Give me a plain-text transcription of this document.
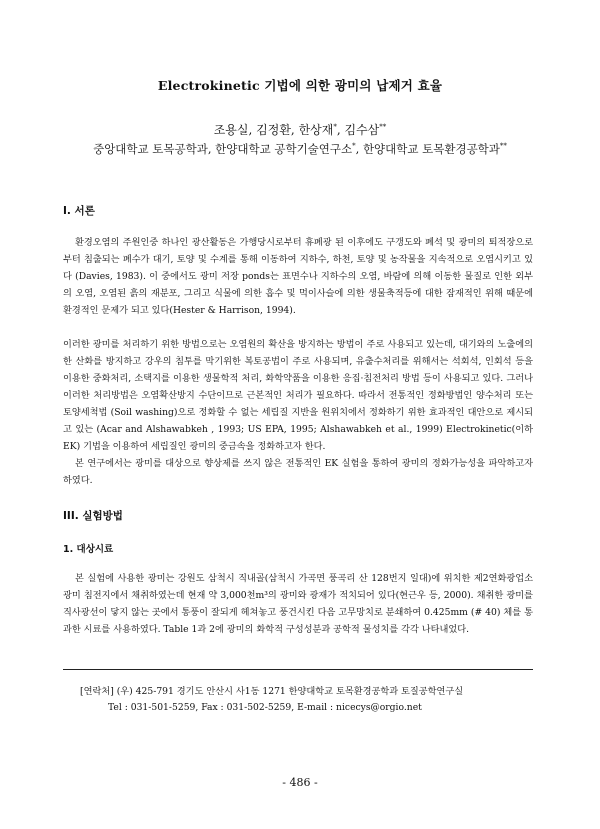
Electrokinetic 기법에 의한 광미의 납제거 효율
조용실, 김정환, 한상재*, 김수삼**
중앙대학교 토목공학과, 한양대학교 공학기술연구소*, 한양대학교 토목환경공학과**
I. 서론

환경오염의 주원인중 하나인 광산활동은 가행당시로부터 휴폐광 된 이후에도 구갱도와 폐석 및 광미의 퇴적장으로부터 침출되는 폐수가 대기, 토양 및 수계를 통해 이동하여 지하수, 하천, 토양 및 농작물을 지속적으로 오염시키고 있다 (Davies, 1983). 이 중에서도 광미 저장 ponds는 표면수나 지하수의 오염, 바람에 의해 이동한 물질로 인한 외부의 오염, 오염된 흙의 재분포, 그리고 식물에 의한 흡수 및 먹이사슬에 의한 생물축적등에 대한 잠재적인 위해 때문에 환경적인 문제가 되고 있다(Hester & Harrison, 1994).

이러한 광미를 처리하기 위한 방법으로는 오염원의 확산을 방지하는 방법이 주로 사용되고 있는데, 대기와의 노출에의한 산화를 방지하고 강우의 침투를 막기위한 복토공법이 주로 사용되며, 유출수처리를 위해서는 석회석, 인회석 등을 이용한 중화처리, 소택지를 이용한 생물학적 처리, 화학약품을 이용한 응집·침전처리 방법 등이 사용되고 있다. 그러나 이러한 처리방법은 오염확산방지 수단이므로 근본적인 처리가 필요하다. 따라서 전통적인 정화방법인 양수처리 또는 토양세척법 (Soil washing)으로 정화할 수 없는 세립질 지반을 원위치에서 정화하기 위한 효과적인 대안으로 제시되고 있는 (Acar and Alshawabkeh , 1993; US EPA, 1995; Alshawabkeh et al., 1999) Electrokinetic(이하 EK) 기법을 이용하여 세립질인 광미의 중금속을 정화하고자 한다.

본 연구에서는 광미를 대상으로 향상제를 쓰지 않은 전통적인 EK 실험을 통하여 광미의 정화가능성을 파악하고자 하였다.

III. 실험방법
1. 대상시료

본 실험에 사용한 광미는 강원도 삼척시 직내골(삼척시 가곡면 풍곡리 산 128번지 일대)에 위치한 제2연화광업소 광미 침전지에서 채취하였는데 현재 약 3,000천m³의 광미와 광재가 적치되어 있다(현근우 등, 2000). 채취한 광미를 직사광선이 닿지 않는 곳에서 통풍이 잘되게 헤쳐놓고 풍건시킨 다음 고무망치로 분쇄하여 0.425mm (# 40) 체를 통과한 시료를 사용하였다. Table 1과 2에 광미의 화학적 구성성분과 공학적 물성치를 각각 나타내었다.

[연락처] (우) 425-791 경기도 안산시 사1동 1271 한양대학교 토목환경공학과 토질공학연구실
Tel : 031-501-5259, Fax : 031-502-5259, E-mail : nicecys@orgio.net
- 486 -
